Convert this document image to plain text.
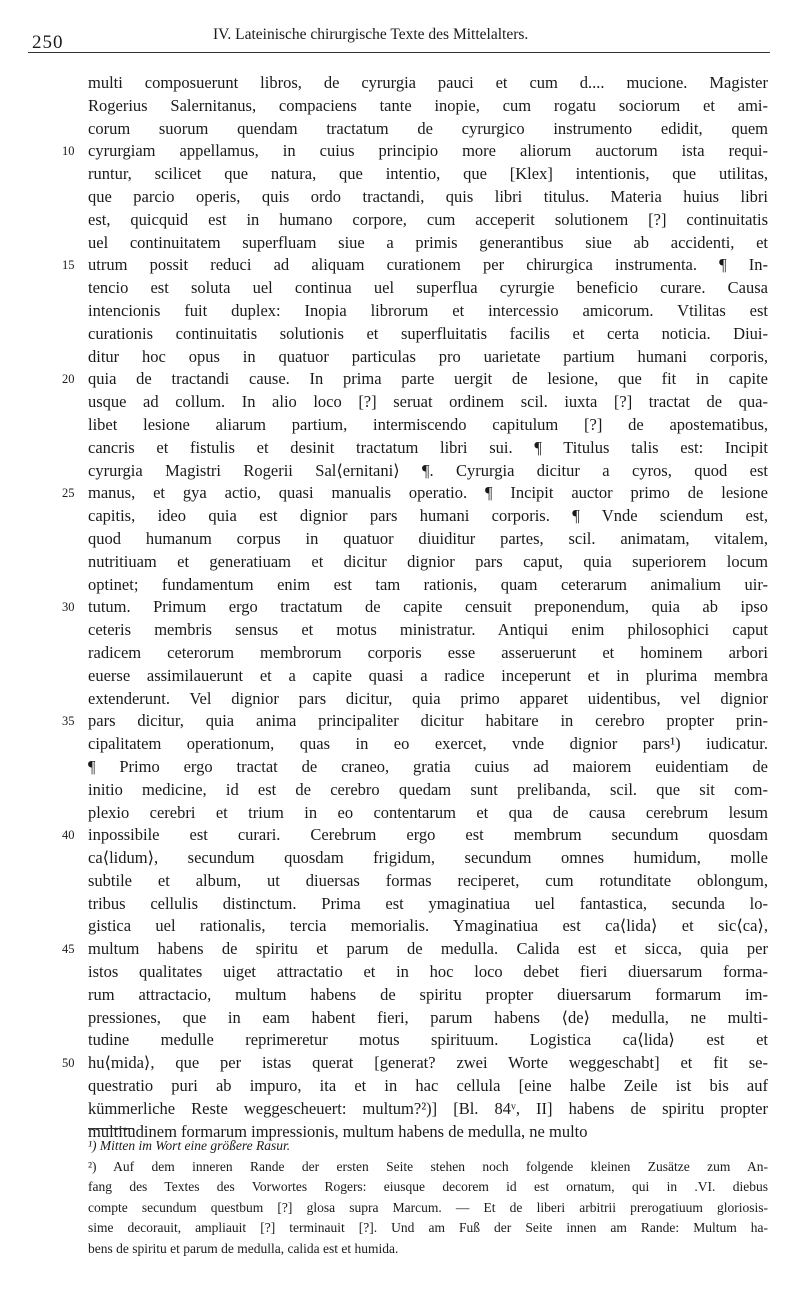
250	IV. Lateinische chirurgische Texte des Mittelalters.
multi composuerunt libros, de cyrurgia pauci et cum d.... mucione. Magister
Rogerius Salernitanus, compaciens tante inopie, cum rogatu sociorum et ami-
corum suorum quendam tractatum de cyrurgico instrumento edidit, quem
10 cyrurgiam appellamus, in cuius principio more aliorum auctorum ista requi-
runtur, scilicet que natura, que intentio, que [Klex] intentionis, que utilitas,
que parcio operis, quis ordo tractandi, quis libri titulus. Materia huius libri
est, quicquid est in humano corpore, cum acceperit solutionem [?] continuitatis
uel continuitatem superfluam siue a primis generantibus siue ab accidenti, et
15 utrum possit reduci ad aliquam curationem per chirurgica instrumenta. ¶ In-
tencio est soluta uel continua uel superflua cyrurgie beneficio curare. Causa
intencionis fuit duplex: Inopia librorum et intercessio amicorum. Vtilitas est
curationis continuitatis solutionis et superfluitatis facilis et certa noticia. Diui-
ditur hoc opus in quatuor particulas pro uarietate partium humani corporis,
20 quia de tractandi cause. In prima parte uergit de lesione, que fit in capite
usque ad collum. In alio loco [?] seruat ordinem scil. iuxta [?] tractat de qua-
libet lesione aliarum partium, intermiscendo capitulum [?] de apostematibus,
cancris et fistulis et desinit tractatum libri sui. ¶ Titulus talis est: Incipit
cyrurgia Magistri Rogerii Sal⟨ernitani⟩ ¶. Cyrurgia dicitur a cyros, quod est
25 manus, et gya actio, quasi manualis operatio. ¶ Incipit auctor primo de lesione
capitis, ideo quia est dignior pars humani corporis. ¶ Vnde sciendum est,
quod humanum corpus in quatuor diuiditur partes, scil. animatam, vitalem,
nutritiuam et generatiuam et dicitur dignior pars caput, quia superiorem locum
optinet; fundamentum enim est tam rationis, quam ceterarum animalium uir-
30 tutum. Primum ergo tractatum de capite censuit preponendum, quia ab ipso
ceteris membris sensus et motus ministratur. Antiqui enim philosophici caput
radicem ceterorum membrorum corporis esse asseruerunt et hominem arbori
euerse assimilauerunt et a capite quasi a radice inceperunt et in plurima membra
extenderunt. Vel dignior pars dicitur, quia primo apparet uidentibus, vel dignior
35 pars dicitur, quia anima principaliter dicitur habitare in cerebro propter prin-
cipalitatem operationum, quas in eo exercet, vnde dignior pars¹) iudicatur.
¶ Primo ergo tractat de craneo, gratia cuius ad maiorem euidentiam de
initio medicine, id est de cerebro quedam sunt prelibanda, scil. que sit com-
plexio cerebri et trium in eo contentarum et qua de causa cerebrum lesum
40 inpossibile est curari. Cerebrum ergo est membrum secundum quosdam
ca⟨lidum⟩, secundum quosdam frigidum, secundum omnes humidum, molle
subtile et album, ut diuersas formas reciperet, cum rotunditate oblongum,
tribus cellulis distinctum. Prima est ymaginatiua uel fantastica, secunda lo-
gistica uel rationalis, tercia memorialis. Ymaginatiua est ca⟨lida⟩ et sic⟨ca⟩,
45 multum habens de spiritu et parum de medulla. Calida est et sicca, quia per
istos qualitates uiget attractatio et in hoc loco debet fieri diuersarum forma-
rum attractacio, multum habens de spiritu propter diuersarum formarum im-
pressiones, que in eam habent fieri, parum habens ⟨de⟩ medulla, ne multi-
tudine medulle reprimeretur motus spirituum. Logistica ca⟨lida⟩ est et
50 hu⟨mida⟩, que per istas querat [generat? zwei Worte weggeschabt] et fit se-
questratio puri ab impuro, ita et in hac cellula [eine halbe Zeile ist bis auf
kümmerliche Reste weggescheuert: multum?²)] [Bl. 84ᵛ, II] habens de spiritu propter
multitudinem formarum impressionis, multum habens de medulla, ne multo
¹) Mitten im Wort eine größere Rasur.
²) Auf dem inneren Rande der ersten Seite stehen noch folgende kleinen Zusätze zum An-
fang des Textes des Vorwortes Rogers: eiusque decorem id est ornatum, qui in .VI. diebus
compte secundum questbum [?] glosa supra Marcum. — Et de liberi arbitrii prerogatiuum gloriosis-
sime decorauit, ampliauit [?] terminauit [?]. Und am Fuß der Seite innen am Rande: Multum ha-
bens de spiritu et parum de medulla, calida est et humida.
